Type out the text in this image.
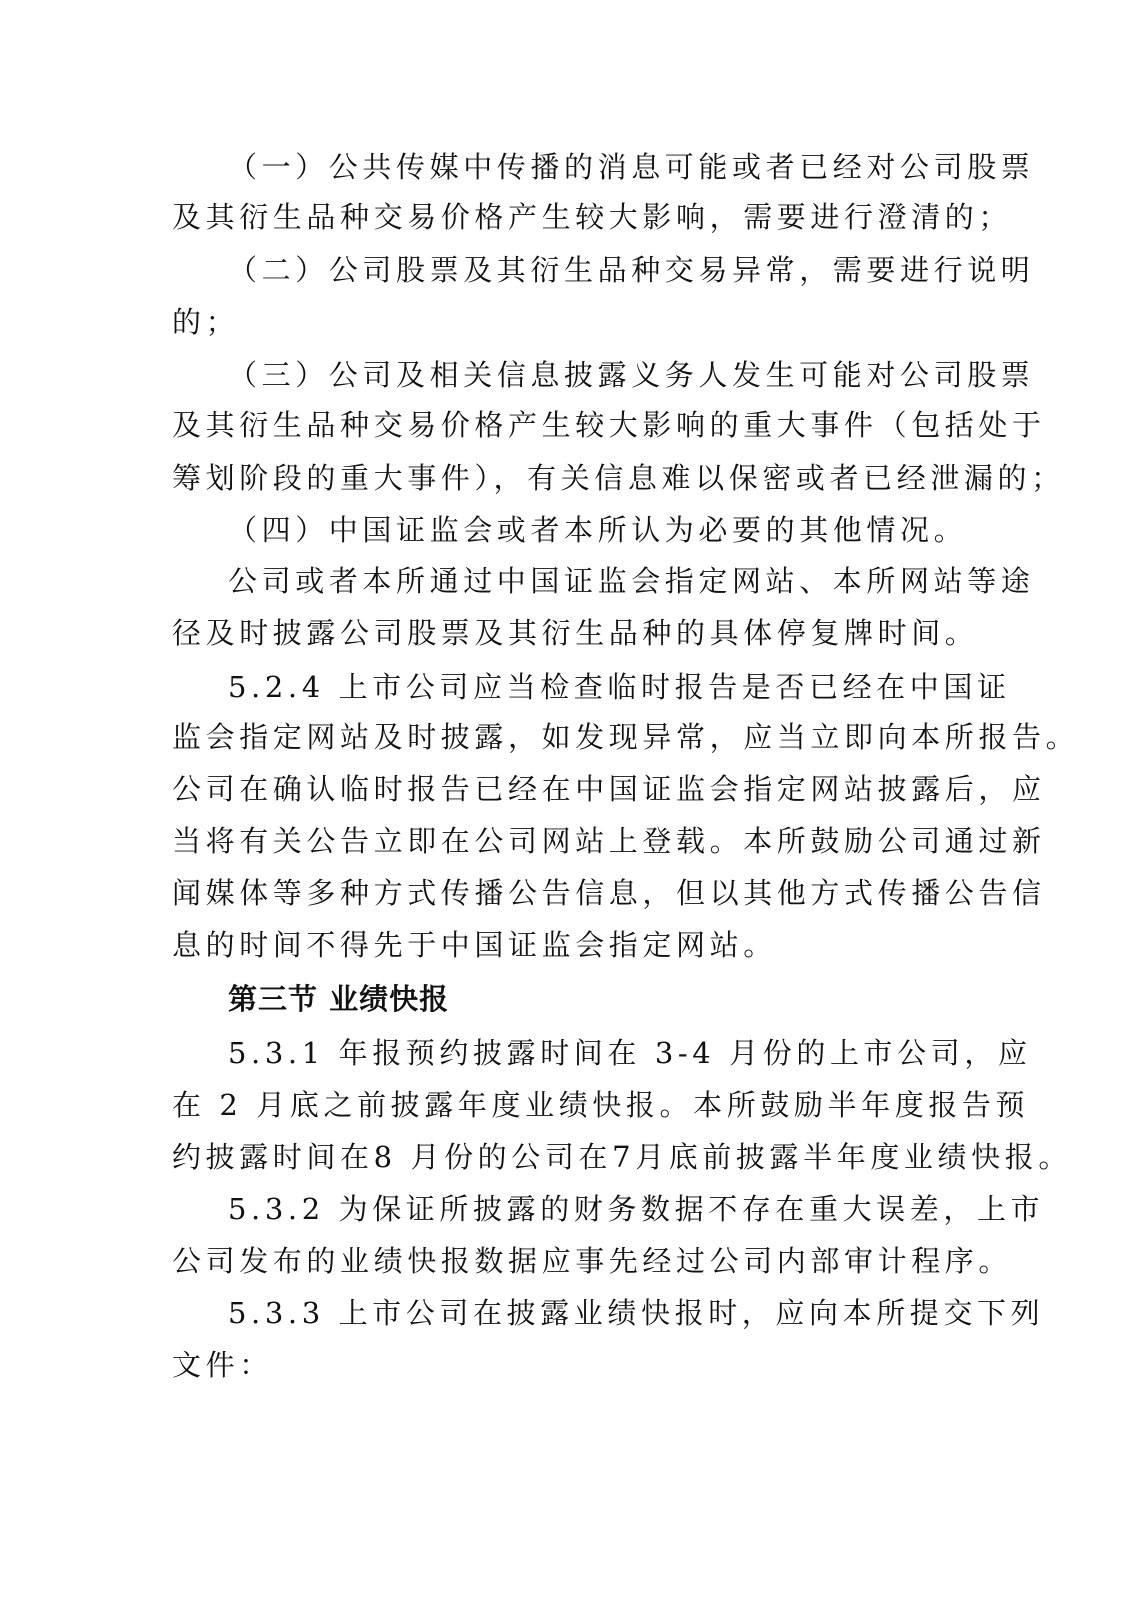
（一）公共传媒中传播的消息可能或者已经对公司股票
及其衍生品种交易价格产生较大影响，需要进行澄清的；
（二）公司股票及其衍生品种交易异常，需要进行说明
的；
（三）公司及相关信息披露义务人发生可能对公司股票
及其衍生品种交易价格产生较大影响的重大事件（包括处于
筹划阶段的重大事件），有关信息难以保密或者已经泄漏的；
（四）中国证监会或者本所认为必要的其他情况。
公司或者本所通过中国证监会指定网站、本所网站等途
径及时披露公司股票及其衍生品种的具体停复牌时间。
5.2.4 上市公司应当检查临时报告是否已经在中国证
监会指定网站及时披露，如发现异常，应当立即向本所报告。
公司在确认临时报告已经在中国证监会指定网站披露后，应
当将有关公告立即在公司网站上登载。本所鼓励公司通过新
闻媒体等多种方式传播公告信息，但以其他方式传播公告信
息的时间不得先于中国证监会指定网站。
第三节 业绩快报
5.3.1 年报预约披露时间在 3-4 月份的上市公司，应
在 2 月底之前披露年度业绩快报。本所鼓励半年度报告预
约披露时间在8 月份的公司在7月底前披露半年度业绩快报。
5.3.2 为保证所披露的财务数据不存在重大误差，上市
公司发布的业绩快报数据应事先经过公司内部审计程序。
5.3.3 上市公司在披露业绩快报时，应向本所提交下列
文件：
